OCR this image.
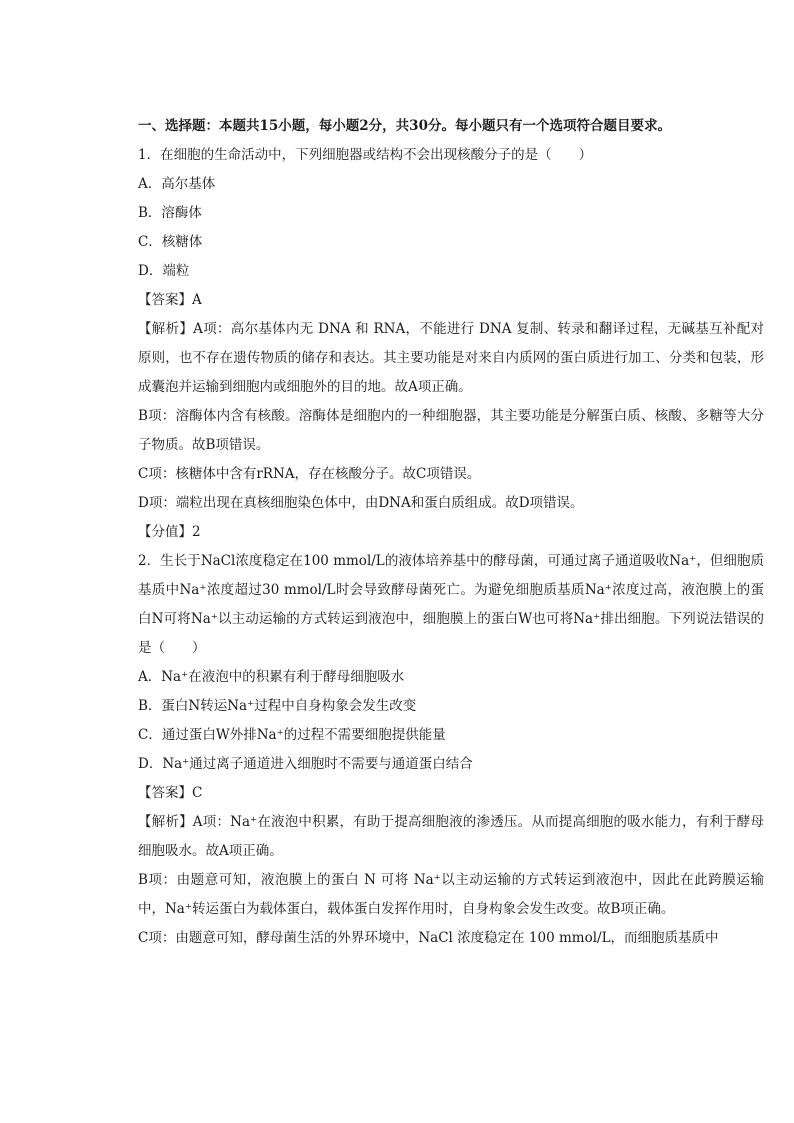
一、选择题：本题共15小题，每小题2分，共30分。每小题只有一个选项符合题目要求。
1．在细胞的生命活动中，下列细胞器或结构不会出现核酸分子的是（　　）
A．高尔基体
B．溶酶体
C．核糖体
D．端粒
【答案】A

【解析】A项：高尔基体内无 DNA 和 RNA，不能进行 DNA 复制、转录和翻译过程，无碱基互补配对原则，也不存在遗传物质的储存和表达。其主要功能是对来自内质网的蛋白质进行加工、分类和包装，形成囊泡并运输到细胞内或细胞外的目的地。故A项正确。

B项：溶酶体内含有核酸。溶酶体是细胞内的一种细胞器，其主要功能是分解蛋白质、核酸、多糖等大分子物质。故B项错误。

C项：核糖体中含有rRNA，存在核酸分子。故C项错误。

D项：端粒出现在真核细胞染色体中，由DNA和蛋白质组成。故D项错误。

【分值】2

2．生长于NaCl浓度稳定在100 mmol/L的液体培养基中的酵母菌，可通过离子通道吸收Na⁺，但细胞质基质中Na⁺浓度超过30 mmol/L时会导致酵母菌死亡。为避免细胞质基质Na⁺浓度过高，液泡膜上的蛋白N可将Na⁺以主动运输的方式转运到液泡中，细胞膜上的蛋白W也可将Na⁺排出细胞。下列说法错误的是（　　）

A．Na⁺在液泡中的积累有利于酵母细胞吸水
B．蛋白N转运Na⁺过程中自身构象会发生改变
C．通过蛋白W外排Na⁺的过程不需要细胞提供能量
D．Na⁺通过离子通道进入细胞时不需要与通道蛋白结合
【答案】C

【解析】A项：Na⁺在液泡中积累，有助于提高细胞液的渗透压。从而提高细胞的吸水能力，有利于酵母细胞吸水。故A项正确。

B项：由题意可知，液泡膜上的蛋白 N 可将 Na⁺以主动运输的方式转运到液泡中，因此在此跨膜运输中，Na⁺转运蛋白为载体蛋白，载体蛋白发挥作用时，自身构象会发生改变。故B项正确。

C项：由题意可知，酵母菌生活的外界环境中，NaCl 浓度稳定在 100 mmol/L，而细胞质基质中
